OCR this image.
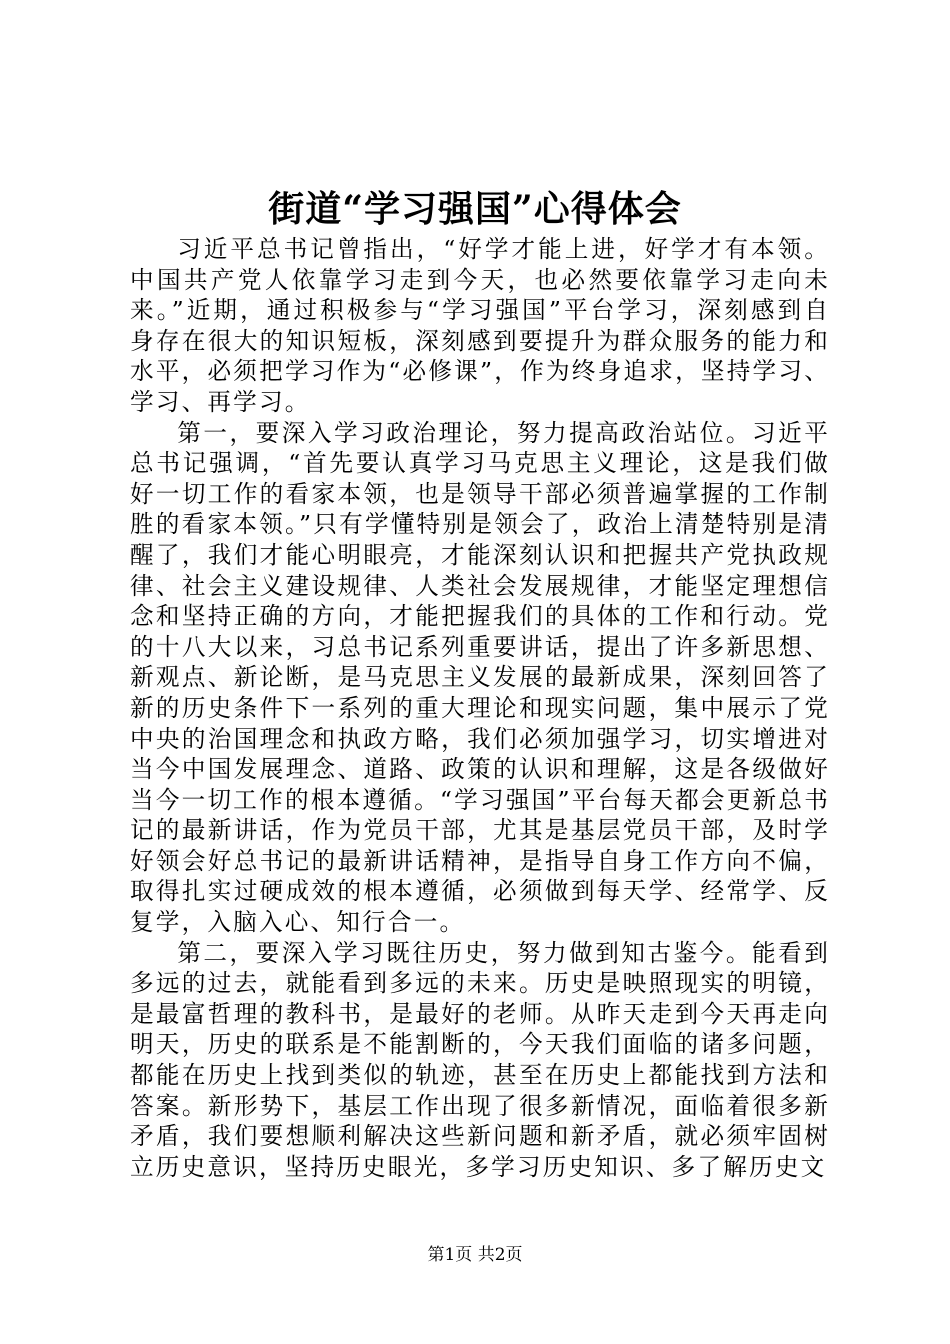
街道“学习强国”心得体会

习近平总书记曾指出，“好学才能上进，好学才有本领。中国共产党人依靠学习走到今天，也必然要依靠学习走向未来。”近期，通过积极参与“学习强国”平台学习，深刻感到自身存在很大的知识短板，深刻感到要提升为群众服务的能力和水平，必须把学习作为“必修课”，作为终身追求，坚持学习、学习、再学习。

第一，要深入学习政治理论，努力提高政治站位。习近平总书记强调，“首先要认真学习马克思主义理论，这是我们做好一切工作的看家本领，也是领导干部必须普遍掌握的工作制胜的看家本领。”只有学懂特别是领会了，政治上清楚特别是清醒了，我们才能心明眼亮，才能深刻认识和把握共产党执政规律、社会主义建设规律、人类社会发展规律，才能坚定理想信念和坚持正确的方向，才能把握我们的具体的工作和行动。党的十八大以来，习总书记系列重要讲话，提出了许多新思想、新观点、新论断，是马克思主义发展的最新成果，深刻回答了新的历史条件下一系列的重大理论和现实问题，集中展示了党中央的治国理念和执政方略，我们必须加强学习，切实增进对当今中国发展理念、道路、政策的认识和理解，这是各级做好当今一切工作的根本遵循。“学习强国”平台每天都会更新总书记的最新讲话，作为党员干部，尤其是基层党员干部，及时学好领会好总书记的最新讲话精神，是指导自身工作方向不偏，取得扎实过硬成效的根本遵循，必须做到每天学、经常学、反复学，入脑入心、知行合一。

第二，要深入学习既往历史，努力做到知古鉴今。能看到多远的过去，就能看到多远的未来。历史是映照现实的明镜，是最富哲理的教科书，是最好的老师。从昨天走到今天再走向明天，历史的联系是不能割断的，今天我们面临的诸多问题，都能在历史上找到类似的轨迹，甚至在历史上都能找到方法和答案。新形势下，基层工作出现了很多新情况，面临着很多新矛盾，我们要想顺利解决这些新问题和新矛盾，就必须牢固树立历史意识，坚持历史眼光，多学习历史知识、多了解历史文

第1页 共2页
